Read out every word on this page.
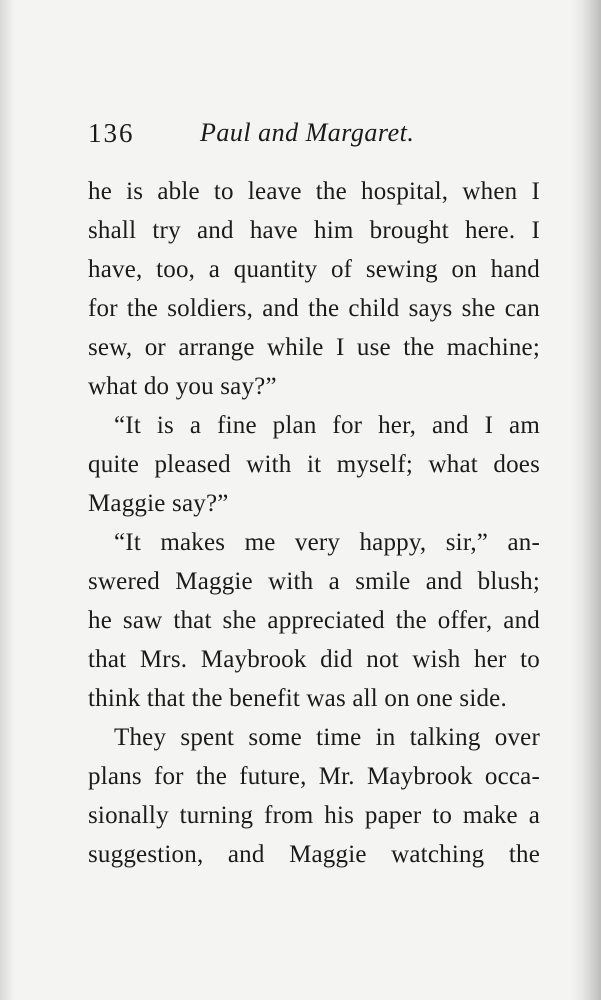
136	Paul and Margaret.
he is able to leave the hospital, when I
shall try and have him brought here. I
have, too, a quantity of sewing on hand
for the soldiers, and the child says she can
sew, or arrange while I use the machine;
what do you say?”
“It is a fine plan for her, and I am
quite pleased with it myself; what does
Maggie say?”
“It makes me very happy, sir,” an-
swered Maggie with a smile and blush;
he saw that she appreciated the offer, and
that Mrs. Maybrook did not wish her to
think that the benefit was all on one side.
They spent some time in talking over
plans for the future, Mr. Maybrook occa-
sionally turning from his paper to make a
suggestion, and Maggie watching the
